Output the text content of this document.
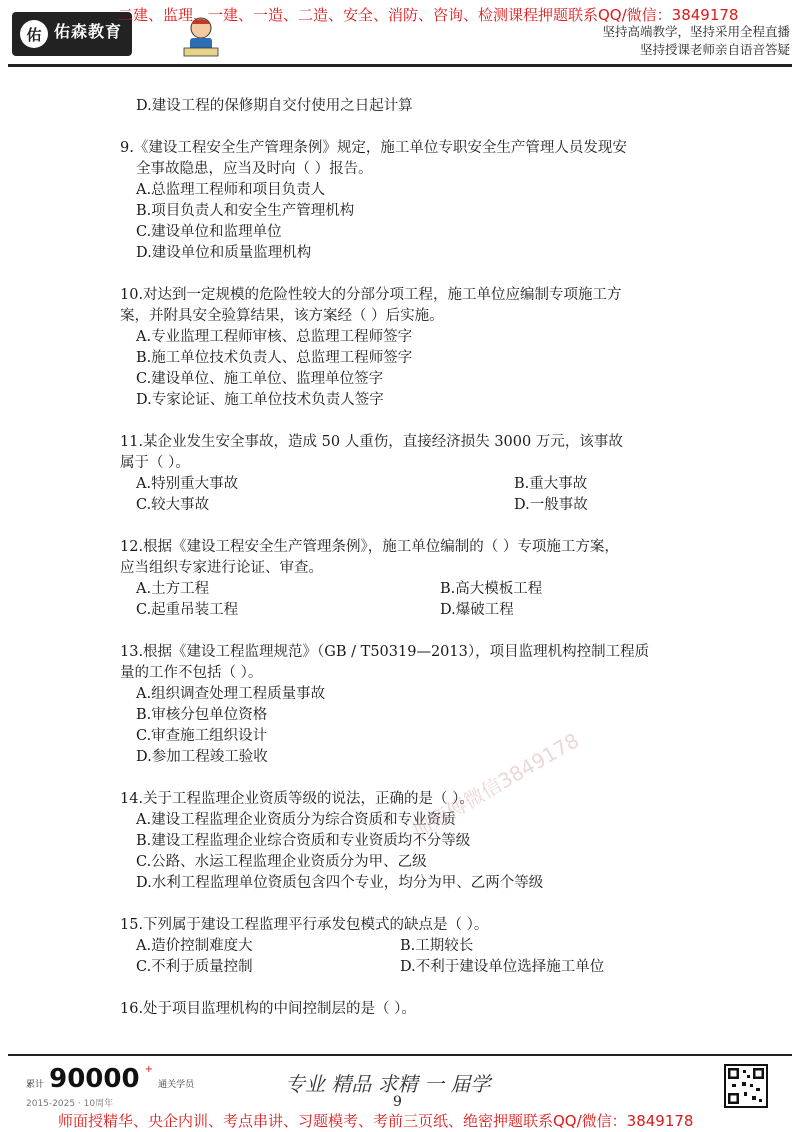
佑 佑森教育

二建、监理、一建、一造、二造、安全、消防、咨询、检测课程押题联系QQ/微信：3849178
坚持高端教学，坚持采用全程直播
坚持授课老师亲自语音答疑
D.建设工程的保修期自交付使用之日起计算
9.《建设工程安全生产管理条例》规定，施工单位专职安全生产管理人员发现安
全事故隐患，应当及时向（ ）报告。
A.总监理工程师和项目负责人
B.项目负责人和安全生产管理机构
C.建设单位和监理单位
D.建设单位和质量监理机构
10.对达到一定规模的危险性较大的分部分项工程，施工单位应编制专项施工方
案，并附具安全验算结果，该方案经（ ）后实施。
A.专业监理工程师审核、总监理工程师签字
B.施工单位技术负责人、总监理工程师签字
C.建设单位、施工单位、监理单位签字
D.专家论证、施工单位技术负责人签字
11.某企业发生安全事故，造成 50 人重伤，直接经济损失 3000 万元，该事故
属于（ ）。
A.特别重大事故	B.重大事故
C.较大事故	D.一般事故
12.根据《建设工程安全生产管理条例》，施工单位编制的（ ）专项施工方案，
应当组织专家进行论证、审查。
A.土方工程	B.高大模板工程
C.起重吊装工程	D.爆破工程
13.根据《建设工程监理规范》（GB / T50319—2013），项目监理机构控制工程质
量的工作不包括（ ）。
A.组织调查处理工程质量事故
B.审核分包单位资格
C.审查施工组织设计
D.参加工程竣工验收
14.关于工程监理企业资质等级的说法，正确的是（ ）。
A.建设工程监理企业资质分为综合资质和专业资质
B.建设工程监理企业综合资质和专业资质均不分等级
C.公路、水运工程监理企业资质分为甲、乙级
D.水利工程监理单位资质包含四个专业，均分为甲、乙两个等级
15.下列属于建设工程监理平行承发包模式的缺点是（ ）。
A.造价控制难度大	B.工期较长
C.不利于质量控制	D.不利于建设单位选择施工单位
16.处于项目监理机构的中间控制层的是（ ）。
加师傅微信3849178
累计 90000 + 通关学员
2015-2025 · 10周年
专业 精品 求精 一 届学
9
师面授精华、央企内训、考点串讲、习题模考、考前三页纸、绝密押题联系QQ/微信：3849178
